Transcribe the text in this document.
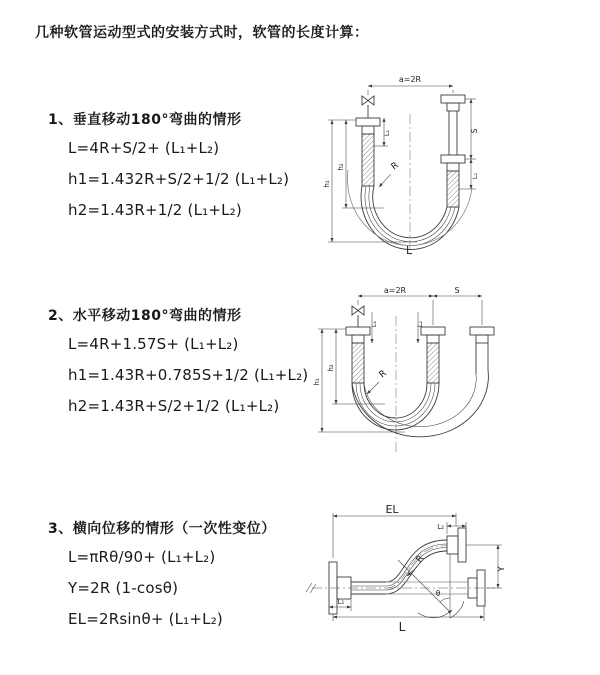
几种软管运动型式的安装方式时，软管的长度计算：
1、垂直移动180°弯曲的情形
L=4R+S/2+ (L₁+L₂)
h1=1.432R+S/2+1/2 (L₁+L₂)
h2=1.43R+1/2 (L₁+L₂)
2、水平移动180°弯曲的情形
L=4R+1.57S+ (L₁+L₂)
h1=1.43R+0.785S+1/2 (L₁+L₂)
h2=1.43R+S/2+1/2 (L₁+L₂)
3、横向位移的情形（一次性变位）
L=πRθ/90+ (L₁+L₂)
Y=2R (1-cosθ)
EL=2Rsinθ+ (L₁+L₂)
a=2R
R
L
h₁
h₂
L₁	S
L₂
a=2R	S
R
h₁
h₂
L₁	L₂
EL
L₂
Y
L
L₁
R
θ
